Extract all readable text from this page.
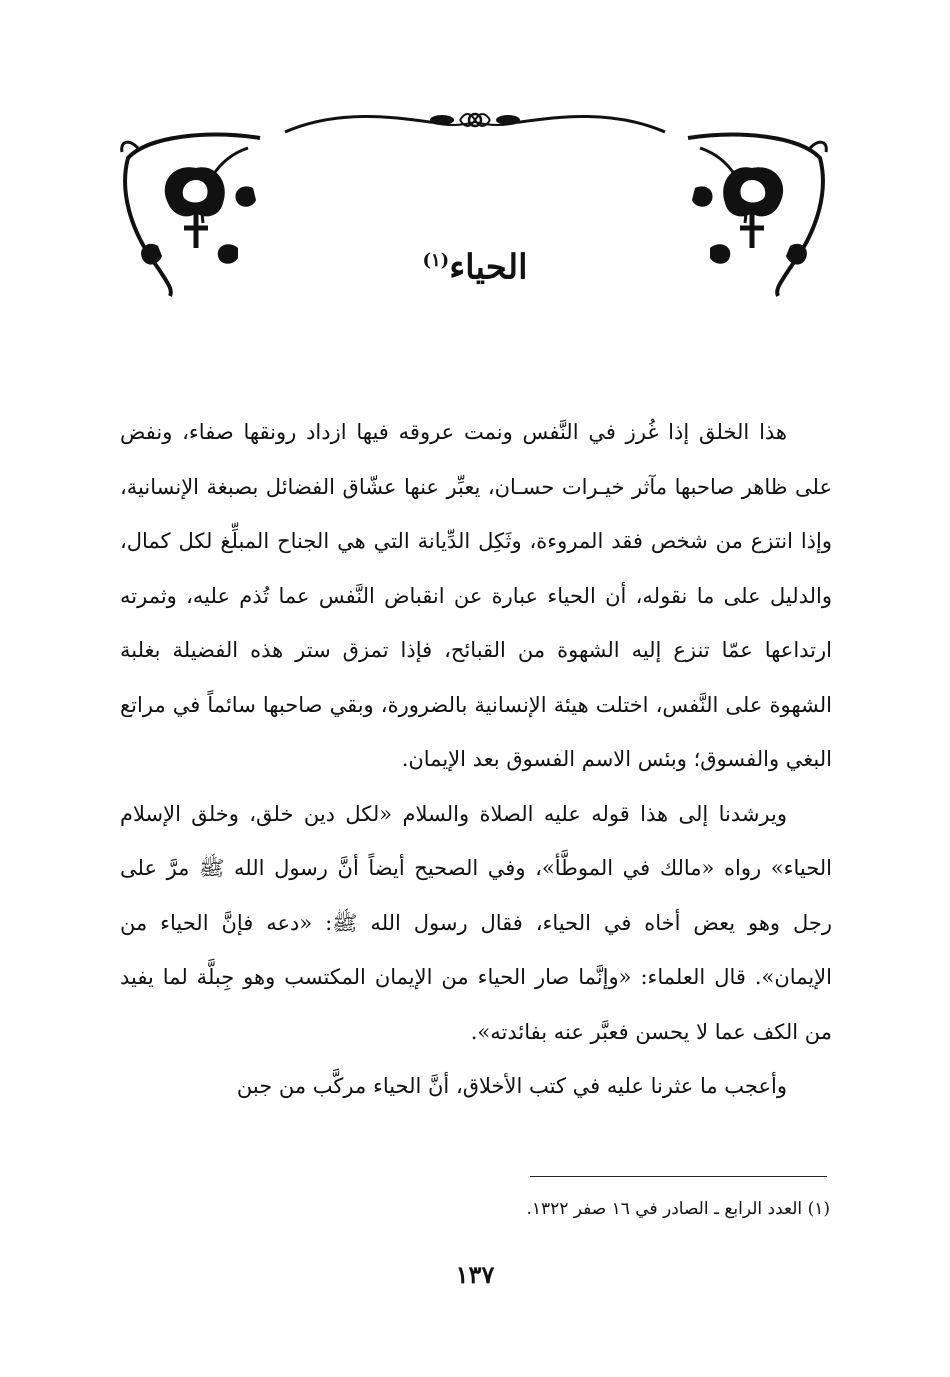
الحياء$^{(١)}$

هذا الخلق إذا غُرز في النَّفس ونمت عروقه فيها ازداد رونقها صفاء، ونفض على ظاهر صاحبها مآثر خيـرات حسـان، يعبِّر عنها عشّاق الفضائل بصبغة الإنسانية، وإذا انتزع من شخص فقد المروءة، وثَكِل الدِّيانة التي هي الجناح المبلِّغ لكل كمال، والدليل على ما نقوله، أن الحياء عبارة عن انقباض النَّفس عما تُذم عليه، وثمرته ارتداعها عمّا تنزع إليه الشهوة من القبائح، فإذا تمزق ستر هذه الفضيلة بغلبة الشهوة على النَّفس، اختلت هيئة الإنسانية بالضرورة، وبقي صاحبها سائماً في مراتع البغي والفسوق؛ وبئس الاسم الفسوق بعد الإيمان.

ويرشدنا إلى هذا قوله عليه الصلاة والسلام «لكل دين خلق، وخلق الإسلام الحياء» رواه «مالك في الموطَّأ»، وفي الصحيح أيضاً أنَّ رسول الله ﷺ مرَّ على رجل وهو يعض أخاه في الحياء، فقال رسول الله ﷺ: «دعه فإنَّ الحياء من الإيمان». قال العلماء: «وإنَّما صار الحياء من الإيمان المكتسب وهو جِبلَّة لما يفيد من الكف عما لا يحسن فعبَّر عنه بفائدته».

وأعجب ما عثرنا عليه في كتب الأخلاق، أنَّ الحياء مركَّب من جبن

(١) العدد الرابع ـ الصادر في ١٦ صفر ١٣٢٢.
١٣٧
